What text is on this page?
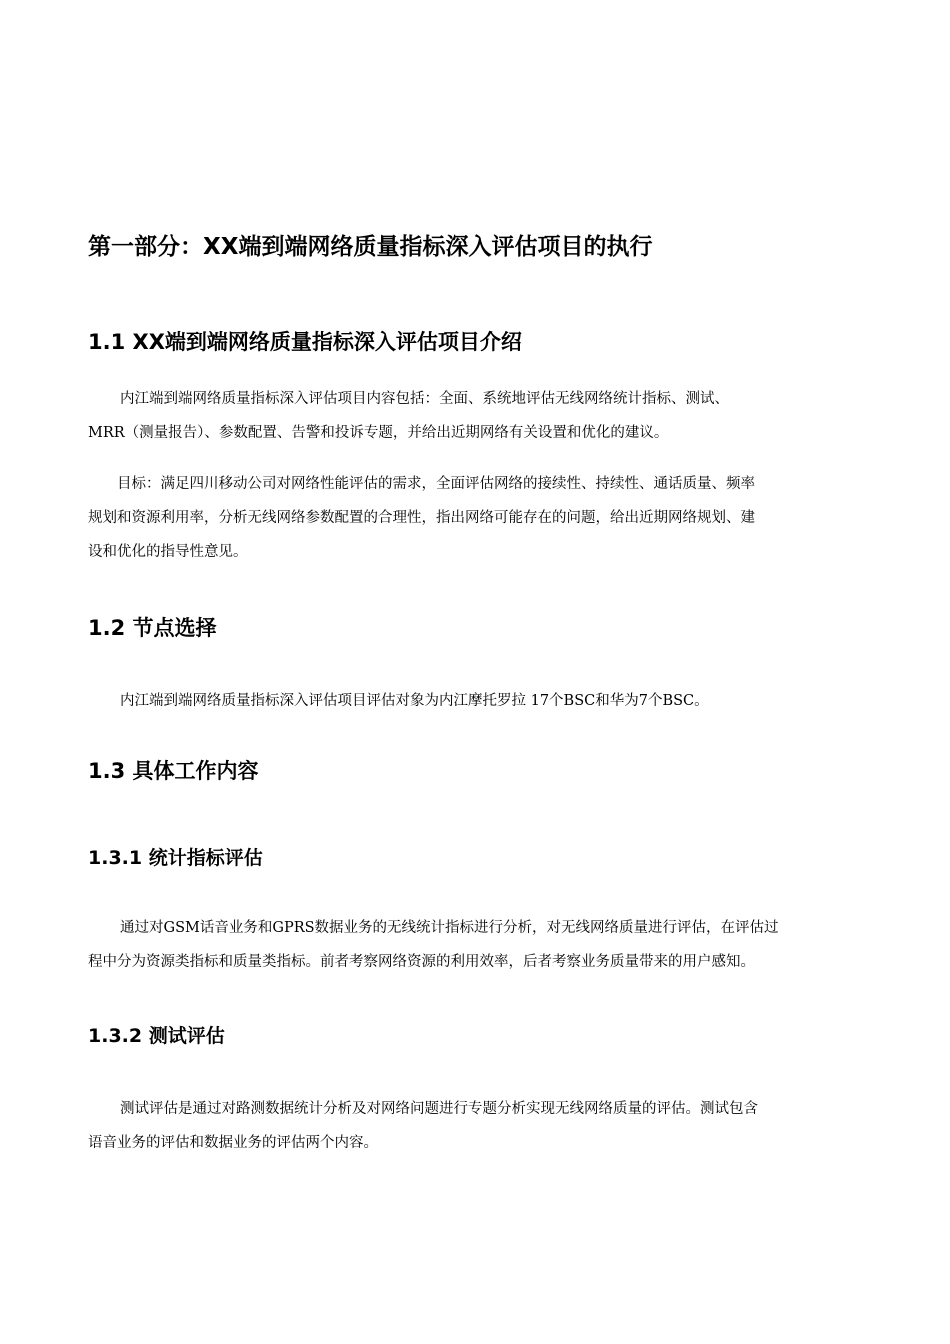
第一部分：XX端到端网络质量指标深入评估项目的执行
1.1 XX端到端网络质量指标深入评估项目介绍
内江端到端网络质量指标深入评估项目内容包括：全面、系统地评估无线网络统计指标、测试、
MRR（测量报告）、参数配置、告警和投诉专题，并给出近期网络有关设置和优化的建议。
目标：满足四川移动公司对网络性能评估的需求，全面评估网络的接续性、持续性、通话质量、频率
规划和资源利用率，分析无线网络参数配置的合理性，指出网络可能存在的问题，给出近期网络规划、建
设和优化的指导性意见。
1.2 节点选择
内江端到端网络质量指标深入评估项目评估对象为内江摩托罗拉 17个BSC和华为7个BSC。
1.3 具体工作内容
1.3.1 统计指标评估
通过对GSM话音业务和GPRS数据业务的无线统计指标进行分析，对无线网络质量进行评估，在评估过
程中分为资源类指标和质量类指标。前者考察网络资源的利用效率，后者考察业务质量带来的用户感知。
1.3.2 测试评估
测试评估是通过对路测数据统计分析及对网络问题进行专题分析实现无线网络质量的评估。测试包含
语音业务的评估和数据业务的评估两个内容。
